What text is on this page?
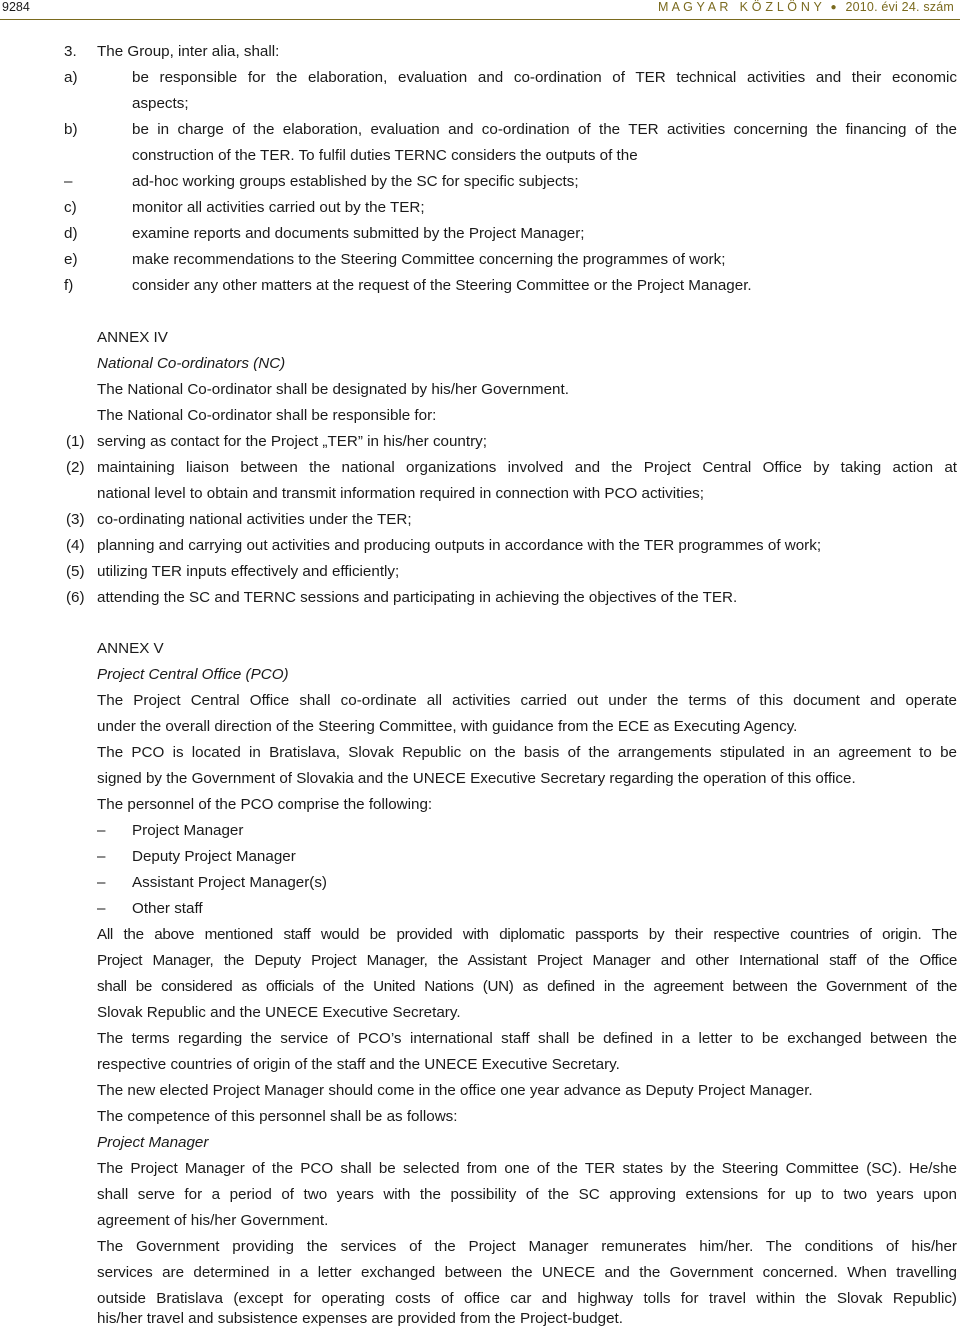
9284	M A G Y A R   K Ö Z L Ö N Y ● 2010. évi 24. szám
3. The Group, inter alia, shall:
a)	be responsible for the elaboration, evaluation and co-ordination of TER technical activities and their economic
aspects;
b)	be in charge of the elaboration, evaluation and co-ordination of the TER activities concerning the financing of the
construction of the TER. To fulfil duties TERNC considers the outputs of the
–	ad-hoc working groups established by the SC for specific subjects;
c)	monitor all activities carried out by the TER;
d)	examine reports and documents submitted by the Project Manager;
e)	make recommendations to the Steering Committee concerning the programmes of work;
f)	consider any other matters at the request of the Steering Committee or the Project Manager.
ANNEX IV
National Co-ordinators (NC)
The National Co-ordinator shall be designated by his/her Government.
The National Co-ordinator shall be responsible for:
(1) serving as contact for the Project „TER” in his/her country;
(2) maintaining liaison between the national organizations involved and the Project Central Office by taking action at
national level to obtain and transmit information required in connection with PCO activities;
(3) co-ordinating national activities under the TER;
(4) planning and carrying out activities and producing outputs in accordance with the TER programmes of work;
(5) utilizing TER inputs effectively and efficiently;
(6) attending the SC and TERNC sessions and participating in achieving the objectives of the TER.
ANNEX V
Project Central Office (PCO)
The Project Central Office shall co-ordinate all activities carried out under the terms of this document and operate
under the overall direction of the Steering Committee, with guidance from the ECE as Executing Agency.
The PCO is located in Bratislava, Slovak Republic on the basis of the arrangements stipulated in an agreement to be
signed by the Government of Slovakia and the UNECE Executive Secretary regarding the operation of this office.
The personnel of the PCO comprise the following:
– Project Manager
– Deputy Project Manager
– Assistant Project Manager(s)
– Other staff
All the above mentioned staff would be provided with diplomatic passports by their respective countries of origin. The
Project Manager, the Deputy Project Manager, the Assistant Project Manager and other International staff of the Office
shall be considered as officials of the United Nations (UN) as defined in the agreement between the Government of the
Slovak Republic and the UNECE Executive Secretary.
The terms regarding the service of PCO’s international staff shall be defined in a letter to be exchanged between the
respective countries of origin of the staff and the UNECE Executive Secretary.
The new elected Project Manager should come in the office one year advance as Deputy Project Manager.
The competence of this personnel shall be as follows:
Project Manager
The Project Manager of the PCO shall be selected from one of the TER states by the Steering Committee (SC). He/she
shall serve for a period of two years with the possibility of the SC approving extensions for up to two years upon
agreement of his/her Government.
The Government providing the services of the Project Manager remunerates him/her. The conditions of his/her
services are determined in a letter exchanged between the UNECE and the Government concerned. When travelling
outside Bratislava (except for operating costs of office car and highway tolls for travel within the Slovak Republic)
his/her travel and subsistence expenses are provided from the Project-budget.
